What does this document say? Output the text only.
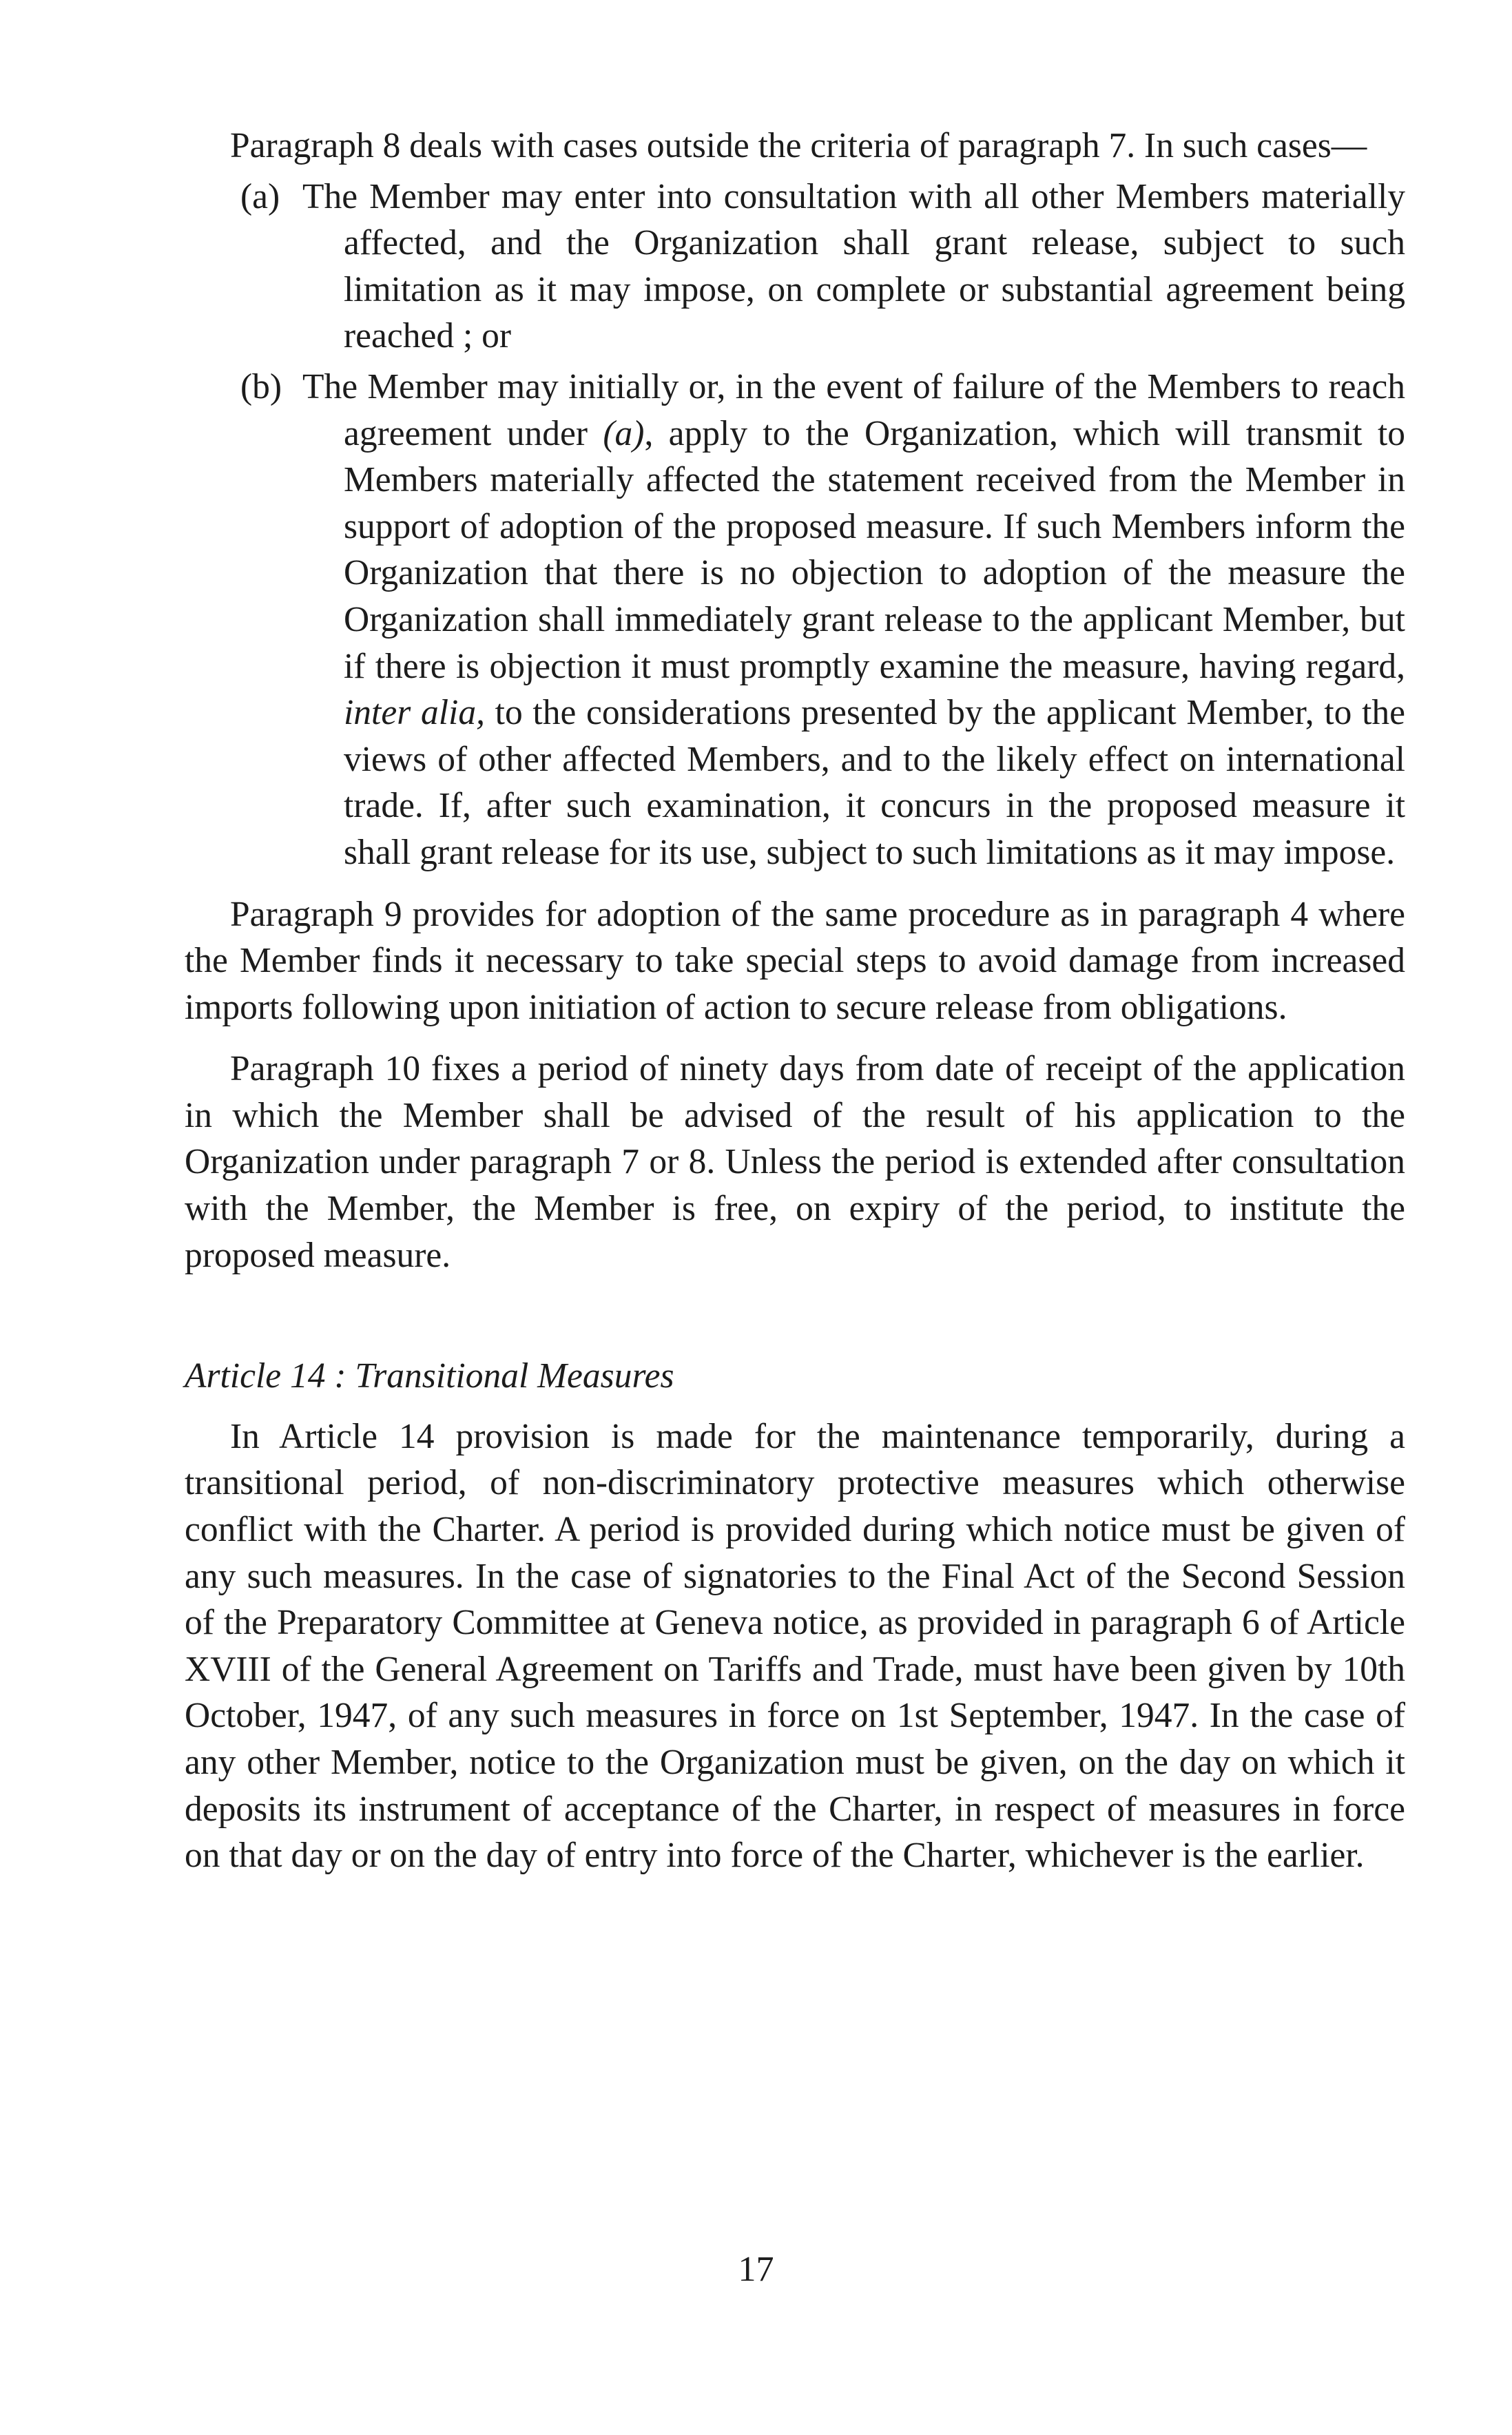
Paragraph 8 deals with cases outside the criteria of paragraph 7. In such cases—

(a) The Member may enter into consultation with all other Members materially affected, and the Organization shall grant release, subject to such limitation as it may impose, on complete or substantial agreement being reached ; or

(b) The Member may initially or, in the event of failure of the Members to reach agreement under (a), apply to the Organization, which will transmit to Members materially affected the statement received from the Member in support of adoption of the proposed measure. If such Members inform the Organization that there is no objection to adoption of the measure the Organization shall immediately grant release to the applicant Member, but if there is objection it must promptly examine the measure, having regard, inter alia, to the considerations presented by the applicant Member, to the views of other affected Members, and to the likely effect on international trade. If, after such examination, it concurs in the proposed measure it shall grant release for its use, subject to such limitations as it may impose.

Paragraph 9 provides for adoption of the same procedure as in paragraph 4 where the Member finds it necessary to take special steps to avoid damage from increased imports following upon initiation of action to secure release from obligations.

Paragraph 10 fixes a period of ninety days from date of receipt of the application in which the Member shall be advised of the result of his application to the Organization under paragraph 7 or 8. Unless the period is extended after consultation with the Member, the Member is free, on expiry of the period, to institute the proposed measure.

Article 14 : Transitional Measures

In Article 14 provision is made for the maintenance temporarily, during a transitional period, of non-discriminatory protective measures which otherwise conflict with the Charter. A period is provided during which notice must be given of any such measures. In the case of signatories to the Final Act of the Second Session of the Preparatory Committee at Geneva notice, as provided in paragraph 6 of Article XVIII of the General Agreement on Tariffs and Trade, must have been given by 10th October, 1947, of any such measures in force on 1st September, 1947. In the case of any other Member, notice to the Organization must be given, on the day on which it deposits its instrument of acceptance of the Charter, in respect of measures in force on that day or on the day of entry into force of the Charter, whichever is the earlier.

17
